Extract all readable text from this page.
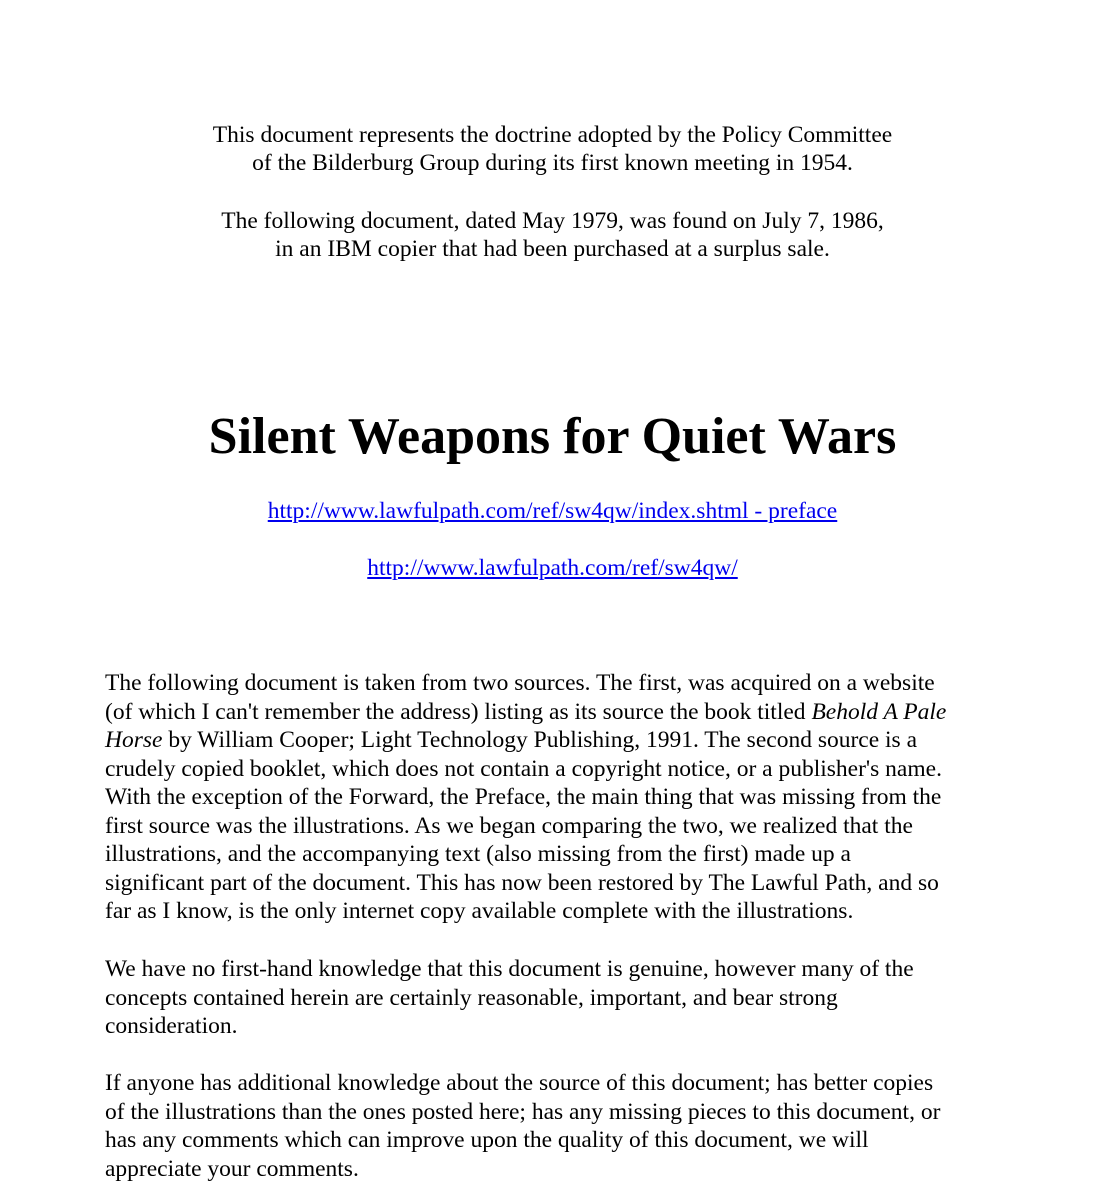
This document represents the doctrine adopted by the Policy Committee

of the Bilderburg Group during its first known meeting in 1954.

The following document, dated May 1979, was found on July 7, 1986,

in an IBM copier that had been purchased at a surplus sale.

Silent Weapons for Quiet Wars
http://www.lawfulpath.com/ref/sw4qw/index.shtml - preface
http://www.lawfulpath.com/ref/sw4qw/

The following document is taken from two sources. The first, was acquired on a website

(of which I can't remember the address) listing as its source the book titled Behold A Pale

Horse by William Cooper; Light Technology Publishing, 1991. The second source is a

crudely copied booklet, which does not contain a copyright notice, or a publisher's name.

With the exception of the Forward, the Preface, the main thing that was missing from the

first source was the illustrations. As we began comparing the two, we realized that the

illustrations, and the accompanying text (also missing from the first) made up a

significant part of the document. This has now been restored by The Lawful Path, and so

far as I know, is the only internet copy available complete with the illustrations.

We have no first-hand knowledge that this document is genuine, however many of the

concepts contained herein are certainly reasonable, important, and bear strong

consideration.

If anyone has additional knowledge about the source of this document; has better copies

of the illustrations than the ones posted here; has any missing pieces to this document, or

has any comments which can improve upon the quality of this document, we will

appreciate your comments.
